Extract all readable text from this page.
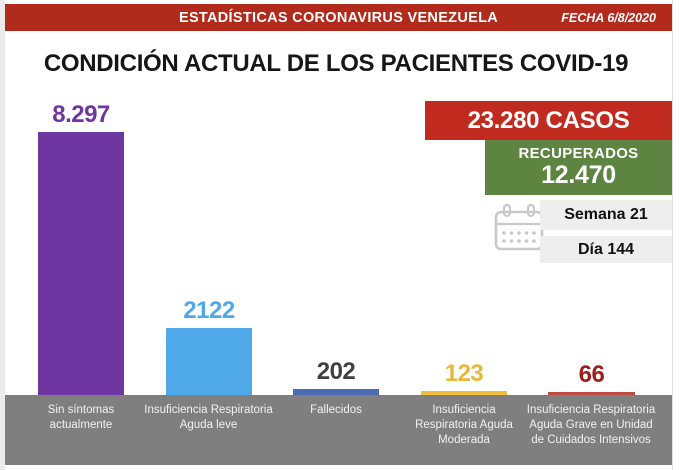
ESTADÍSTICAS CORONAVIRUS VENEZUELA	FECHA 6/8/2020
CONDICIÓN ACTUAL DE LOS PACIENTES COVID-19
8.297
2122
202	123	66
Sin síntomas actualmente
Insuficiencia Respiratoria Aguda leve
Fallecidos	Insuficiencia Respiratoria Aguda Moderada
Insuficiencia Respiratoria Aguda Grave en Unidad de Cuidados Intensivos
23.280 CASOS
RECUPERADOS
12.470
Semana 21
Día 144
